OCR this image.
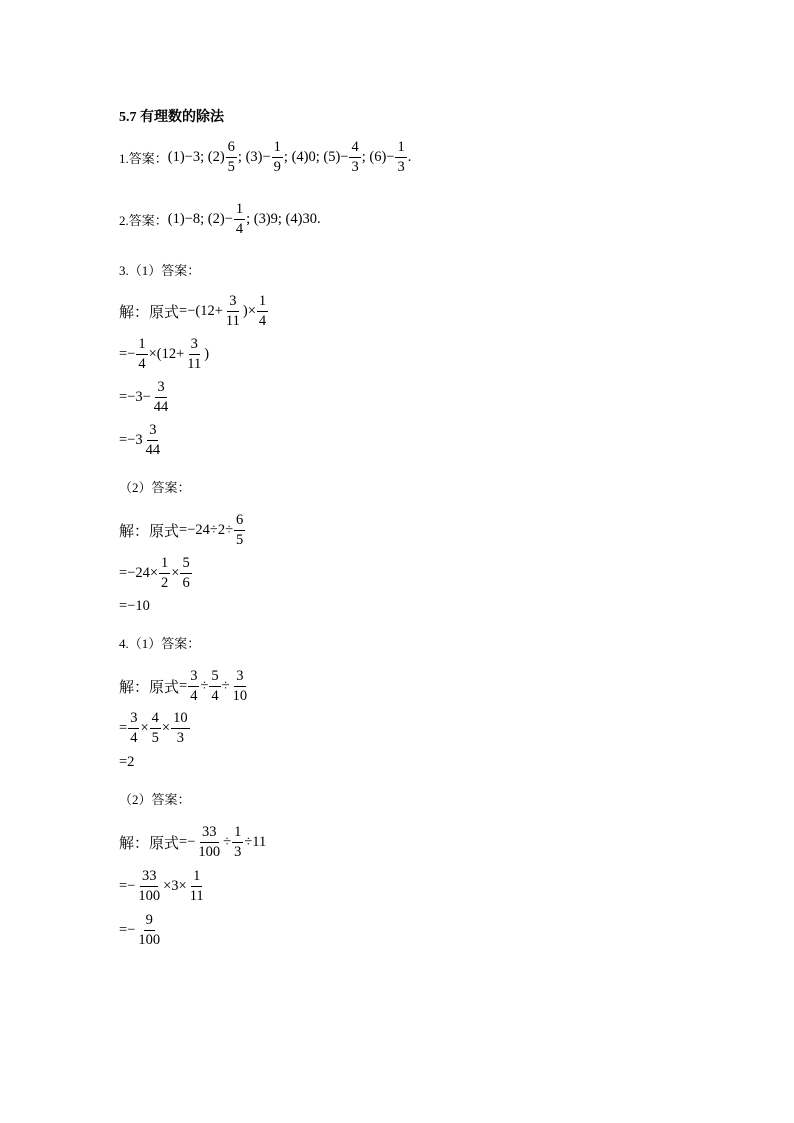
5.7 有理数的除法
1.答案： (1)−3; $(2) \frac{6}{5}$ ; $(3)- \frac{1}{9}$ ; (4)0; $(5)- \frac{4}{3}$ ; $(6)- \frac{1}{3}$ .
2.答案： (1)−8; $(2)- \frac{1}{4}$ ; (3)9; (4)30.
3.（1）答案：
解：原式 $=-(12+ \frac{3}{11}$ )× $\frac{1}{4}$
=− $\frac{1}{4} \times(12+ \frac{3}{11}$ )
$=-3- \frac{3}{44}$
$=-3 \frac{3}{44}$
（2）答案：
解：原式 $=-24\div 2\div \frac{6}{5}$
$=-24\times \frac{1}{2} \times \frac{5}{6}$
=−10
4.（1）答案：
解：原式 = $\frac{3}{4} \div \frac{5}{4} \div \frac{3}{10}$
= $\frac{3}{4} \times \frac{4}{5} \times \frac{10}{3}$
=2
（2）答案：
解：原式 =− $\frac{33}{100} \div \frac{1}{3} \div 11$
=− $\frac{33}{100} \times 3\times \frac{1}{11}$
=− $\frac{9}{100}$
